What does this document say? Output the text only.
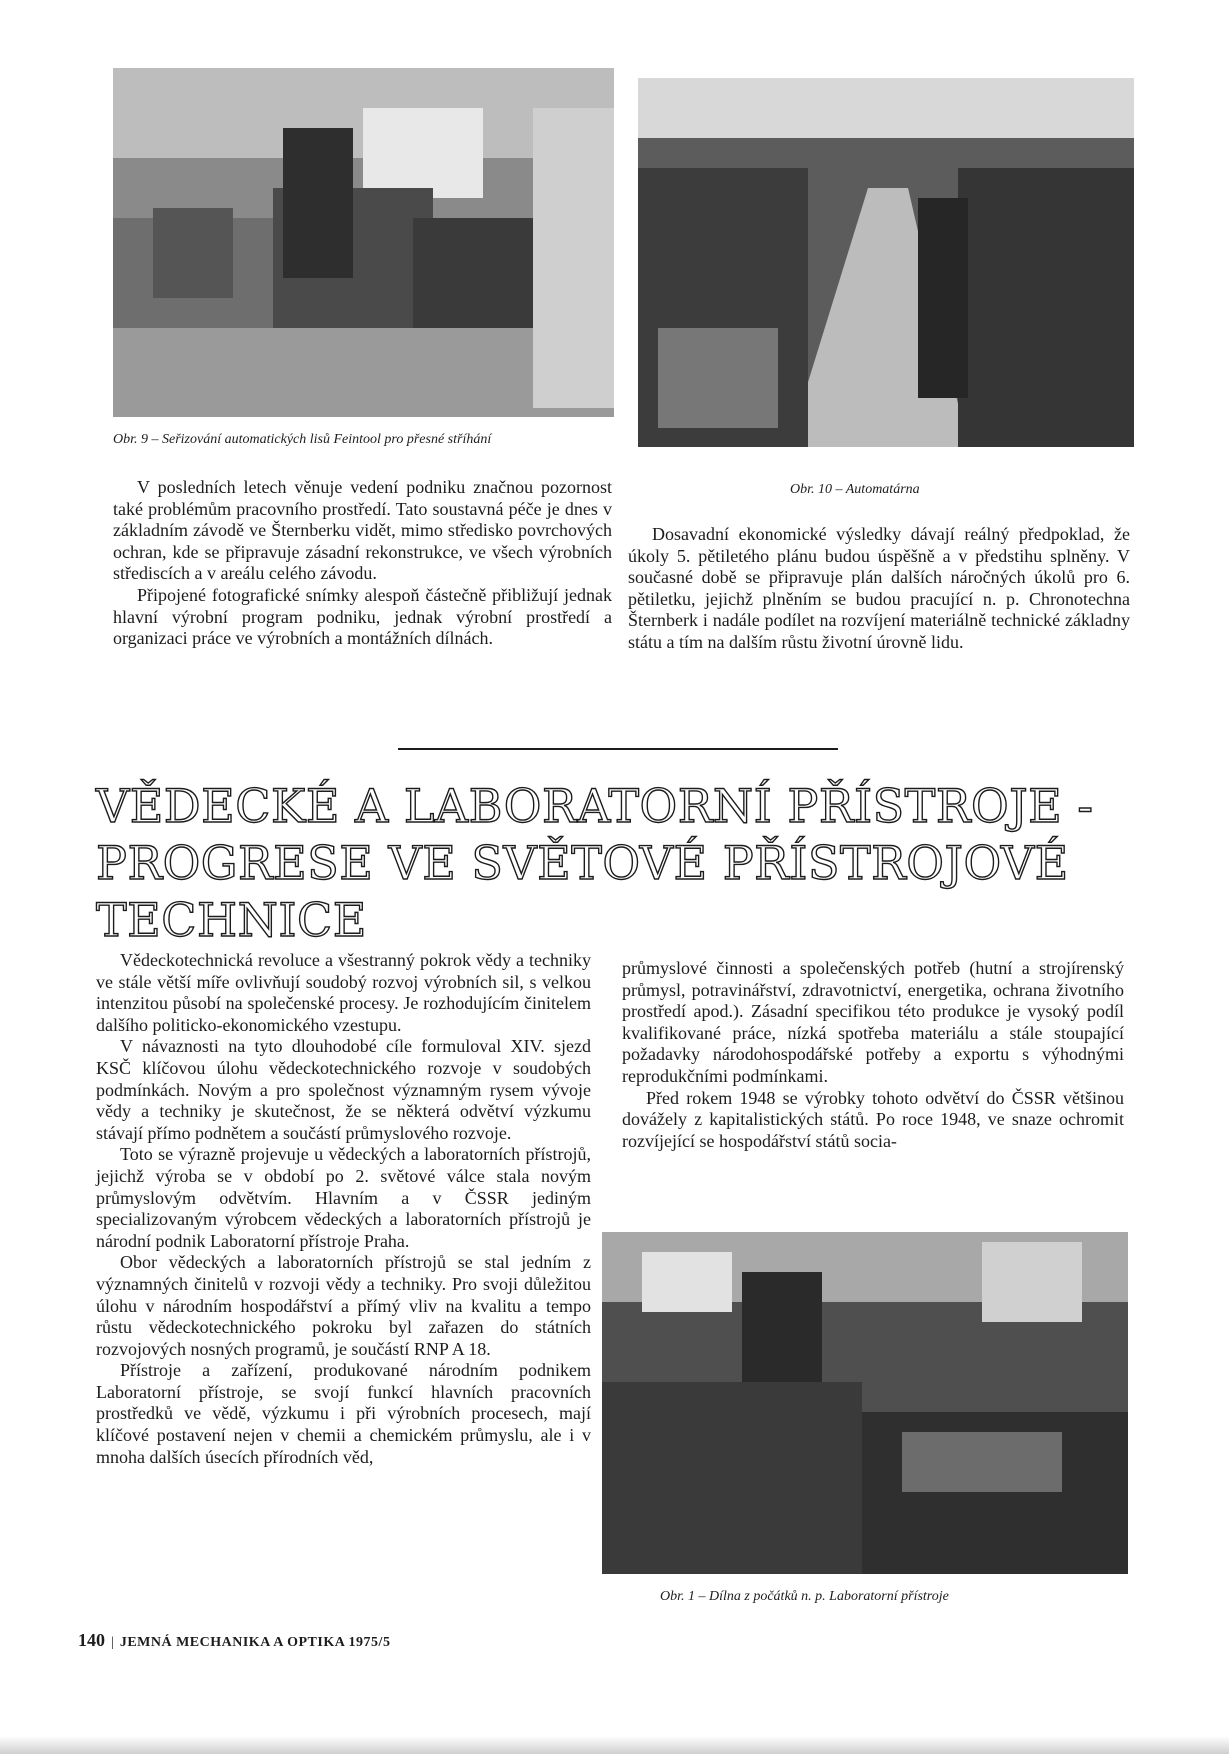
Obr. 9 – Seřizování automatických lisů Feintool pro přesné stříhání
Obr. 10 – Automatárna

V posledních letech věnuje vedení podniku značnou pozornost také problémům pracovního prostředí. Tato soustavná péče je dnes v základním závodě ve Šternberku vidět, mimo středisko povrchových ochran, kde se připravuje zásadní rekonstrukce, ve všech výrobních střediscích a v areálu celého závodu.

Připojené fotografické snímky alespoň částečně přibližují jednak hlavní výrobní program podniku, jednak výrobní prostředí a organizaci práce ve výrobních a montážních dílnách.

Dosavadní ekonomické výsledky dávají reálný předpoklad, že úkoly 5. pětiletého plánu budou úspěšně a v předstihu splněny. V současné době se připravuje plán dalších náročných úkolů pro 6. pětiletku, jejichž plněním se budou pracující n. p. Chronotechna Šternberk i nadále podílet na rozvíjení materiálně technické základny státu a tím na dalším růstu životní úrovně lidu.

VĚDECKÉ A LABORATORNÍ PŘÍSTROJE -
PROGRESE VE SVĚTOVÉ PŘÍSTROJOVÉ
TECHNICE

Vědeckotechnická revoluce a všestranný pokrok vědy a techniky ve stále větší míře ovlivňují soudobý rozvoj výrobních sil, s velkou intenzitou působí na společenské procesy. Je rozhodujícím činitelem dalšího politicko-ekonomického vzestupu.

V návaznosti na tyto dlouhodobé cíle formuloval XIV. sjezd KSČ klíčovou úlohu vědeckotechnického rozvoje v soudobých podmínkách. Novým a pro společnost významným rysem vývoje vědy a techniky je skutečnost, že se některá odvětví výzkumu stávají přímo podnětem a součástí průmyslového rozvoje.

Toto se výrazně projevuje u vědeckých a laboratorních přístrojů, jejichž výroba se v období po 2. světové válce stala novým průmyslovým odvětvím. Hlavním a v ČSSR jediným specializovaným výrobcem vědeckých a laboratorních přístrojů je národní podnik Laboratorní přístroje Praha.

Obor vědeckých a laboratorních přístrojů se stal jedním z významných činitelů v rozvoji vědy a techniky. Pro svoji důležitou úlohu v národním hospodářství a přímý vliv na kvalitu a tempo růstu vědeckotechnického pokroku byl zařazen do státních rozvojových nosných programů, je součástí RNP A 18.

Přístroje a zařízení, produkované národním podnikem Laboratorní přístroje, se svojí funkcí hlavních pracovních prostředků ve vědě, výzkumu i při výrobních procesech, mají klíčové postavení nejen v chemii a chemickém průmyslu, ale i v mnoha dalších úsecích přírodních věd,

průmyslové činnosti a společenských potřeb (hutní a strojírenský průmysl, potravinářství, zdravotnictví, energetika, ochrana životního prostředí apod.). Zásadní specifikou této produkce je vysoký podíl kvalifikované práce, nízká spotřeba materiálu a stále stoupající požadavky národohospodářské potřeby a exportu s výhodnými reprodukčními podmínkami.

Před rokem 1948 se výrobky tohoto odvětví do ČSSR většinou dovážely z kapitalistických států. Po roce 1948, ve snaze ochromit rozvíjející se hospodářství států socia-

Obr. 1 – Dílna z počátků n. p. Laboratorní přístroje
140 | JEMNÁ MECHANIKA A OPTIKA 1975/5
